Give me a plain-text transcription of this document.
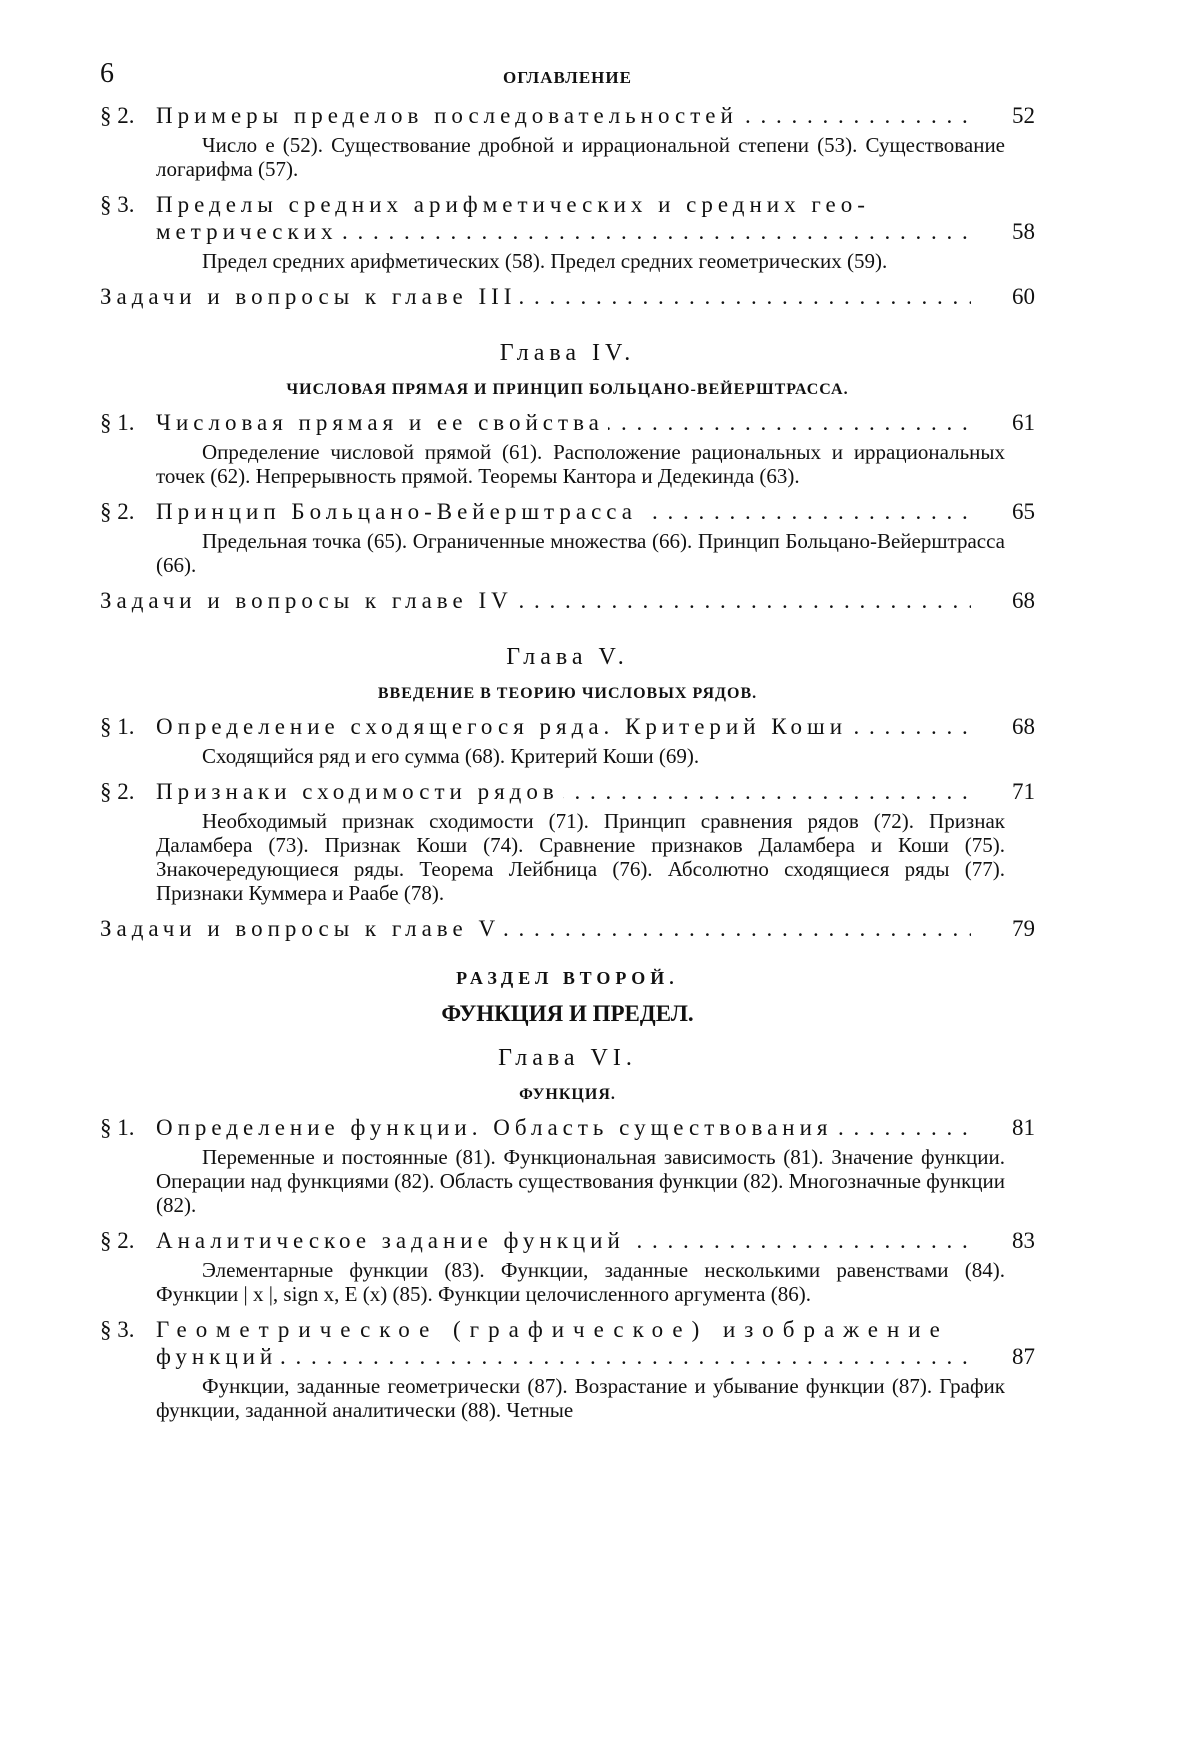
6	ОГЛАВЛЕНИЕ
§ 2. Примеры пределов последовательностей . . .	52

Число e (52). Существование дробной и иррациональной степени (53). Существование логарифма (57).

§ 3. Пределы средних арифметических и средних гео-
метрических . . .	58

Предел средних арифметических (58). Предел средних геометрических (59).

Задачи и вопросы к главе III . . .	60
Глава IV.
ЧИСЛОВАЯ ПРЯМАЯ И ПРИНЦИП БОЛЬЦАНО-ВЕЙЕРШТРАССА.
§ 1. Числовая прямая и ее свойства . . .	61

Определение числовой прямой (61). Расположение рациональных и иррациональных точек (62). Непрерывность прямой. Теоремы Кантора и Дедекинда (63).

§ 2. Принцип Больцано-Вейерштрасса . . .	65

Предельная точка (65). Ограниченные множества (66). Принцип Больцано-Вейерштрасса (66).

Задачи и вопросы к главе IV . . .	68
Глава V.
ВВЕДЕНИЕ В ТЕОРИЮ ЧИСЛОВЫХ РЯДОВ.
§ 1. Определение сходящегося ряда. Критерий Коши . . .	68

Сходящийся ряд и его сумма (68). Критерий Коши (69).

§ 2. Признаки сходимости рядов . . .	71

Необходимый признак сходимости (71). Принцип сравнения рядов (72). Признак Даламбера (73). Признак Коши (74). Сравнение признаков Даламбера и Коши (75). Знакочередующиеся ряды. Теорема Лейбница (76). Абсолютно сходящиеся ряды (77). Признаки Куммера и Раабе (78).

Задачи и вопросы к главе V . . .	79
РАЗДЕЛ ВТОРОЙ.
ФУНКЦИЯ И ПРЕДЕЛ.
Глава VI.
ФУНКЦИЯ.
§ 1. Определение функции. Область существования . . .	81

Переменные и постоянные (81). Функциональная зависимость (81). Значение функции. Операции над функциями (82). Область существования функции (82). Многозначные функции (82).

§ 2. Аналитическое задание функций . . .	83

Элементарные функции (83). Функции, заданные несколькими равенствами (84). Функции | x |, sign x, E (x) (85). Функции целочисленного аргумента (86).

§ 3. Геометрическое (графическое) изображение
функций . . .	87

Функции, заданные геометрически (87). Возрастание и убывание функции (87). График функции, заданной аналитически (88). Четные
